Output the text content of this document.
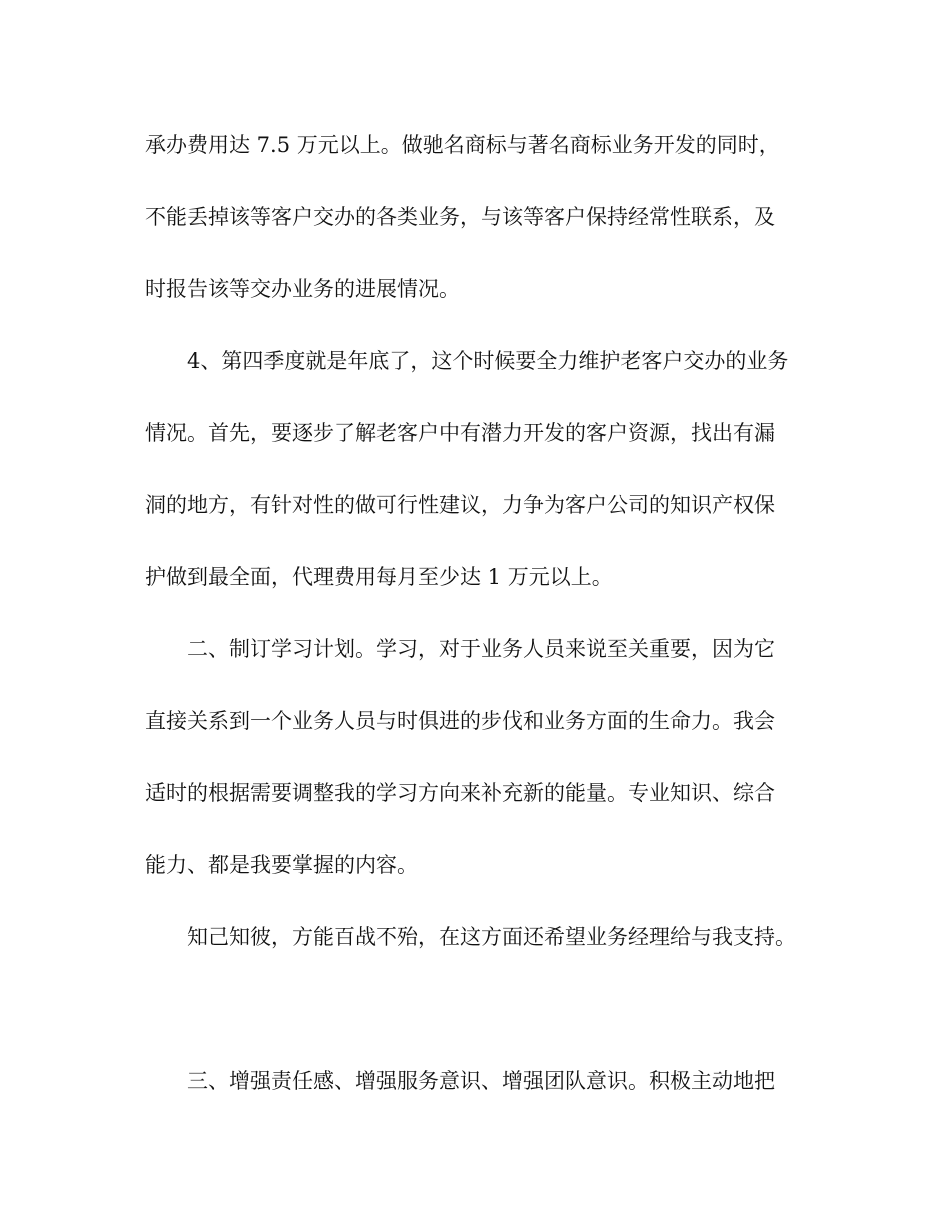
承办费用达 7.5 万元以上。做驰名商标与著名商标业务开发的同时，
不能丢掉该等客户交办的各类业务，与该等客户保持经常性联系，及
时报告该等交办业务的进展情况。
4、第四季度就是年底了，这个时候要全力维护老客户交办的业务
情况。首先，要逐步了解老客户中有潜力开发的客户资源，找出有漏
洞的地方，有针对性的做可行性建议，力争为客户公司的知识产权保
护做到最全面，代理费用每月至少达 1 万元以上。
二、制订学习计划。学习，对于业务人员来说至关重要，因为它
直接关系到一个业务人员与时俱进的步伐和业务方面的生命力。我会
适时的根据需要调整我的学习方向来补充新的能量。专业知识、综合
能力、都是我要掌握的内容。
知己知彼，方能百战不殆，在这方面还希望业务经理给与我支持。
三、增强责任感、增强服务意识、增强团队意识。积极主动地把
